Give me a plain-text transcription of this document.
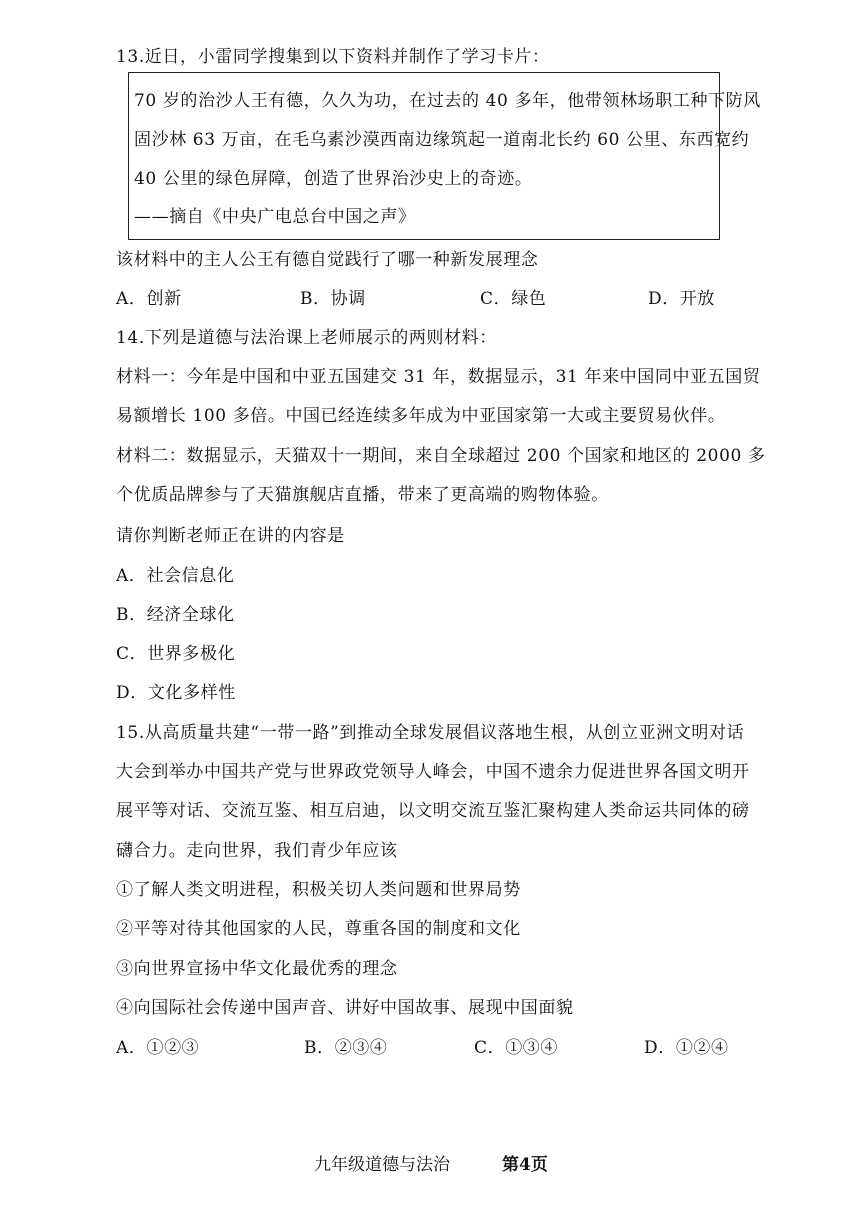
13.近日，小雷同学搜集到以下资料并制作了学习卡片：
70 岁的治沙人王有德，久久为功，在过去的 40 多年，他带领林场职工种下防风
固沙林 63 万亩，在毛乌素沙漠西南边缘筑起一道南北长约 60 公里、东西宽约
40 公里的绿色屏障，创造了世界治沙史上的奇迹。
——摘自《中央广电总台中国之声》
该材料中的主人公王有德自觉践行了哪一种新发展理念
A．创新	B．协调	C．绿色	D．开放
14.下列是道德与法治课上老师展示的两则材料：
材料一：今年是中国和中亚五国建交 31 年，数据显示，31 年来中国同中亚五国贸
易额增长 100 多倍。中国已经连续多年成为中亚国家第一大或主要贸易伙伴。
材料二：数据显示，天猫双十一期间，来自全球超过 200 个国家和地区的 2000 多
个优质品牌参与了天猫旗舰店直播，带来了更高端的购物体验。
请你判断老师正在讲的内容是
A．社会信息化
B．经济全球化
C．世界多极化
D．文化多样性
15.从高质量共建“一带一路”到推动全球发展倡议落地生根，从创立亚洲文明对话
大会到举办中国共产党与世界政党领导人峰会，中国不遗余力促进世界各国文明开
展平等对话、交流互鉴、相互启迪，以文明交流互鉴汇聚构建人类命运共同体的磅
礴合力。走向世界，我们青少年应该
①了解人类文明进程，积极关切人类问题和世界局势
②平等对待其他国家的人民，尊重各国的制度和文化
③向世界宣扬中华文化最优秀的理念
④向国际社会传递中国声音、讲好中国故事、展现中国面貌
A．①②③	B．②③④	C．①③④	D．①②④
九年级道德与法治	第4页
